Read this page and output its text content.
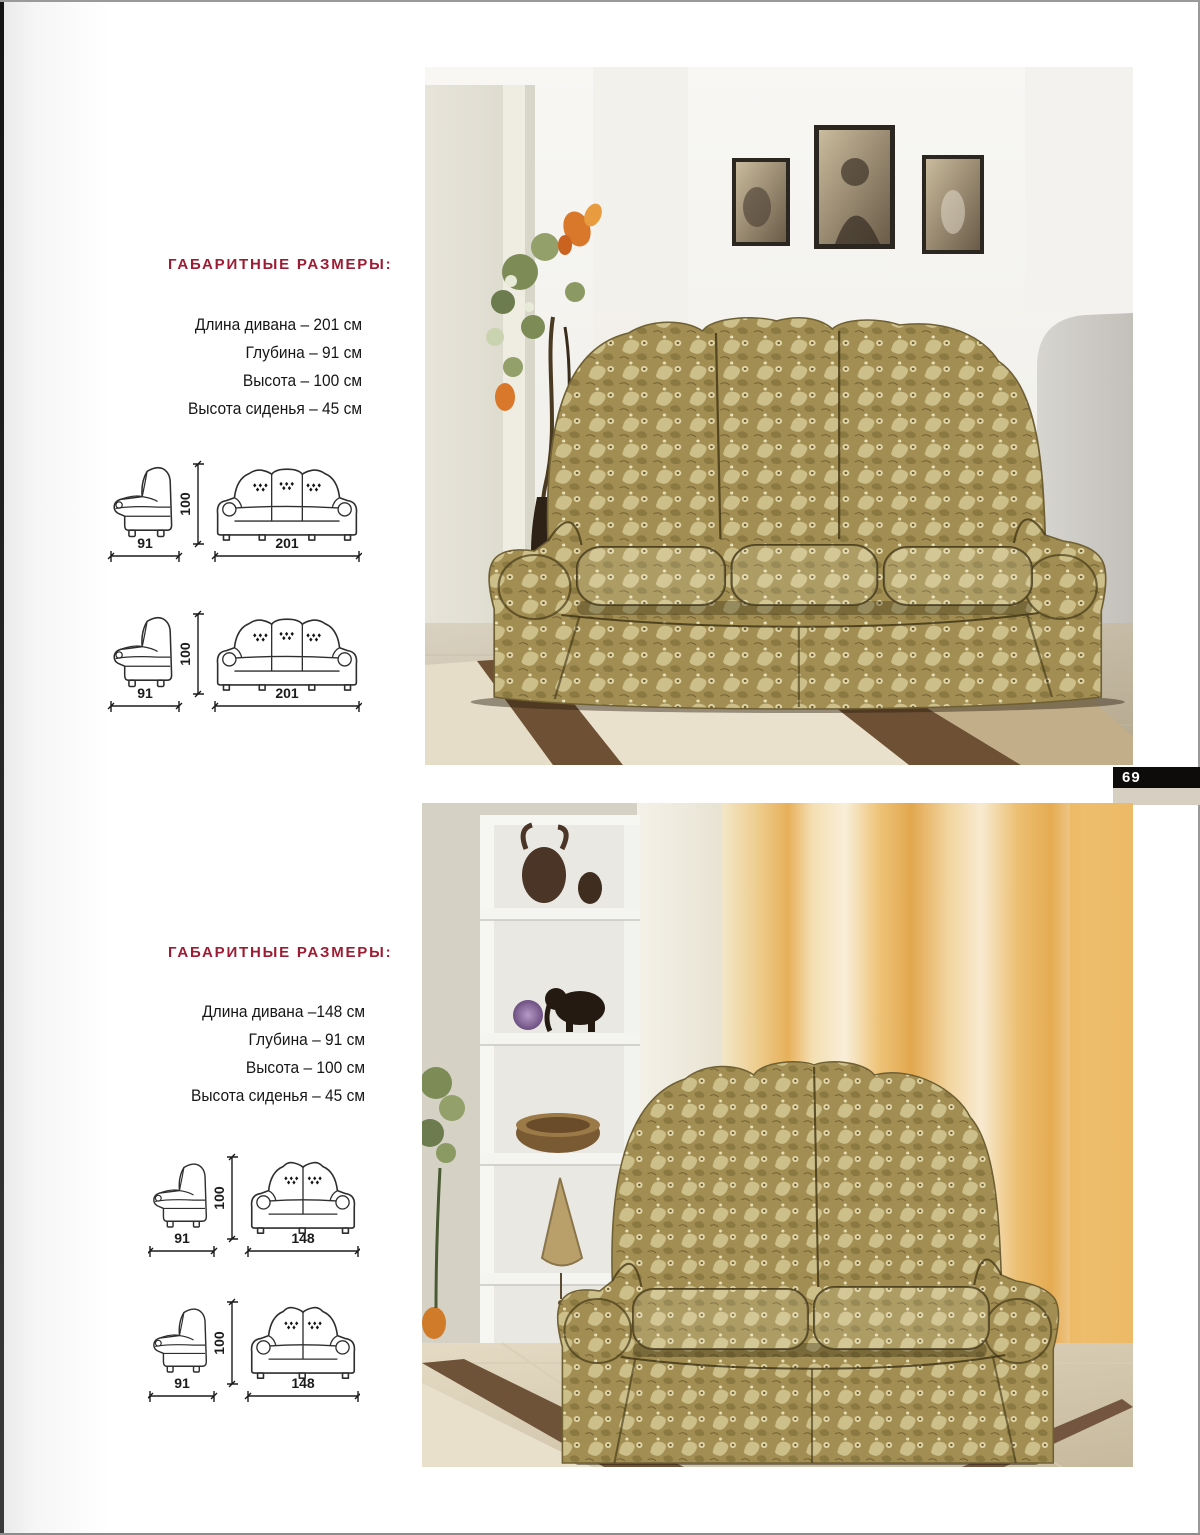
ГАБАРИТНЫЕ РАЗМЕРЫ:
Длина дивана – 201 см
Глубина – 91 см
Высота – 100 см
Высота сиденья – 45 см
91
100
201
91
100
201
ГАБАРИТНЫЕ РАЗМЕРЫ:
Длина дивана –148 см
Глубина – 91 см
Высота – 100 см
Высота сиденья – 45 см
91
100
148
91
100
148
69
